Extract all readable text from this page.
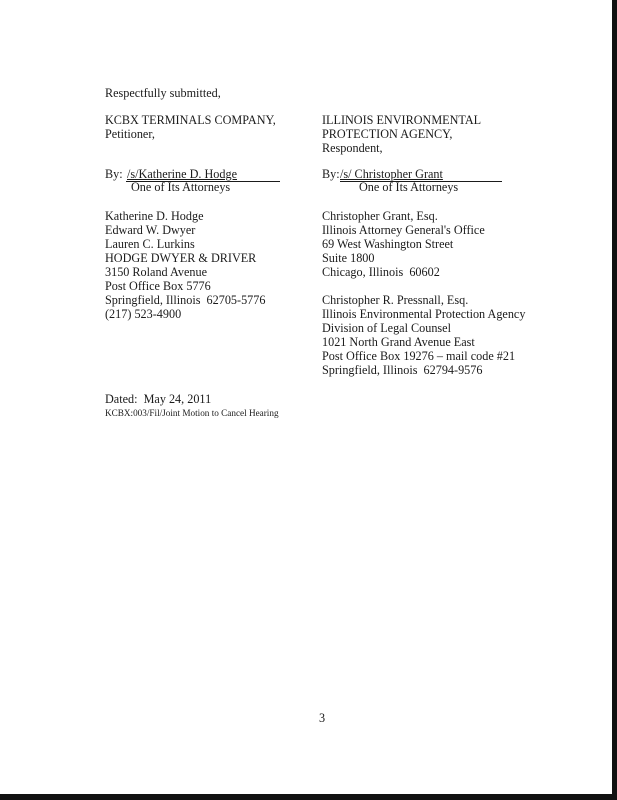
Respectfully submitted,
KCBX TERMINALS COMPANY,
Petitioner,
By: /s/Katherine D. Hodge
One of Its Attorneys
Katherine D. Hodge
Edward W. Dwyer
Lauren C. Lurkins
HODGE DWYER & DRIVER
3150 Roland Avenue
Post Office Box 5776
Springfield, Illinois  62705-5776
(217) 523-4900
ILLINOIS ENVIRONMENTAL
PROTECTION AGENCY,
Respondent,
By: /s/ Christopher Grant
One of Its Attorneys
Christopher Grant, Esq.
Illinois Attorney General's Office
69 West Washington Street
Suite 1800
Chicago, Illinois  60602
Christopher R. Pressnall, Esq.
Illinois Environmental Protection Agency
Division of Legal Counsel
1021 North Grand Avenue East
Post Office Box 19276 – mail code #21
Springfield, Illinois  62794-9576
Dated:  May 24, 2011
KCBX:003/Fil/Joint Motion to Cancel Hearing
3
